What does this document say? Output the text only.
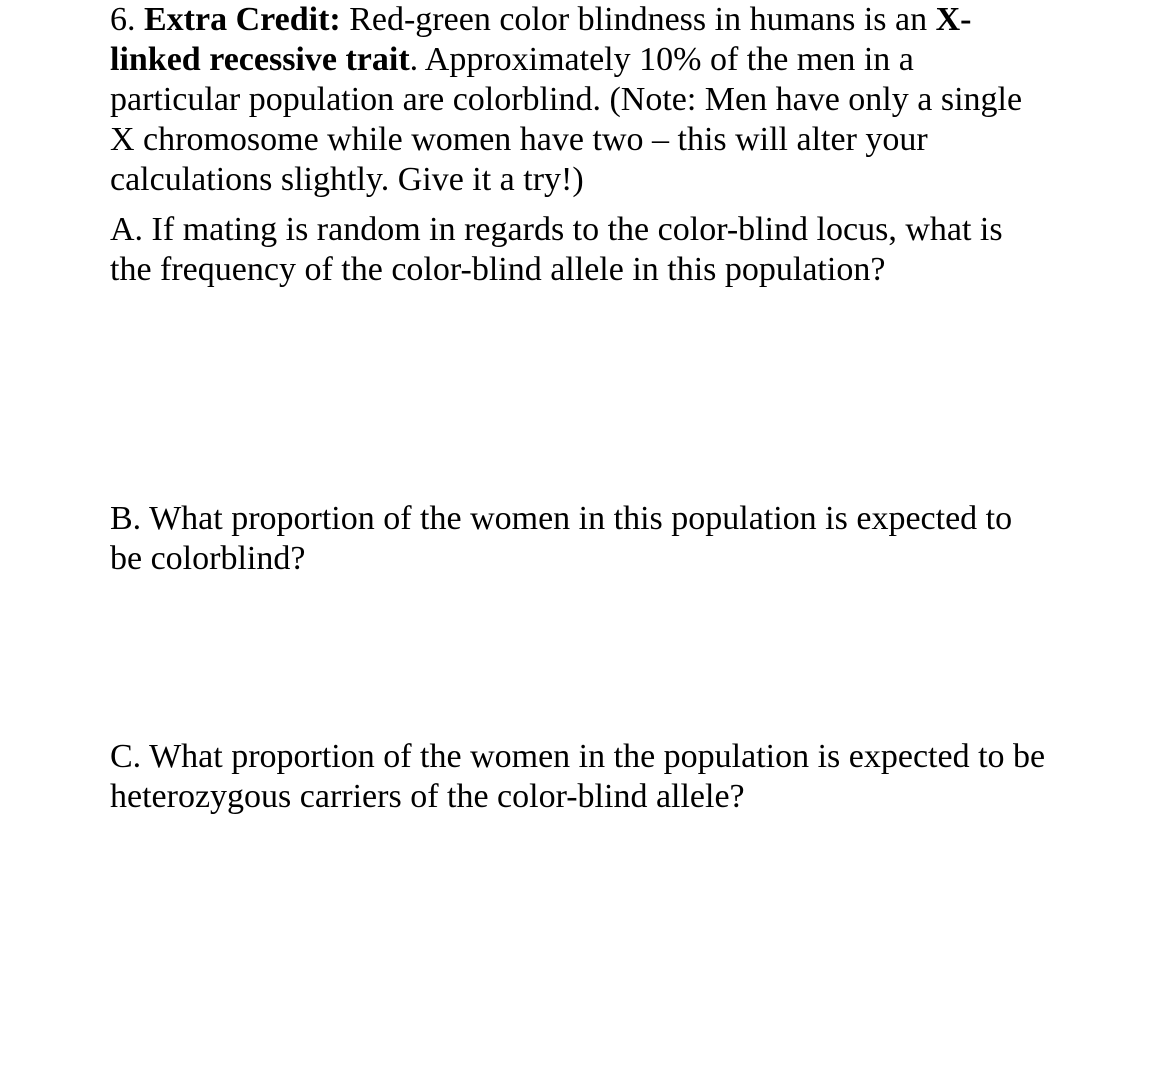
6. Extra Credit: Red-green color blindness in humans is an X-
linked recessive trait. Approximately 10% of the men in a
particular population are colorblind. (Note: Men have only a single
X chromosome while women have two – this will alter your
calculations slightly. Give it a try!)
A. If mating is random in regards to the color-blind locus, what is
the frequency of the color-blind allele in this population?
B. What proportion of the women in this population is expected to
be colorblind?
C. What proportion of the women in the population is expected to be
heterozygous carriers of the color-blind allele?
